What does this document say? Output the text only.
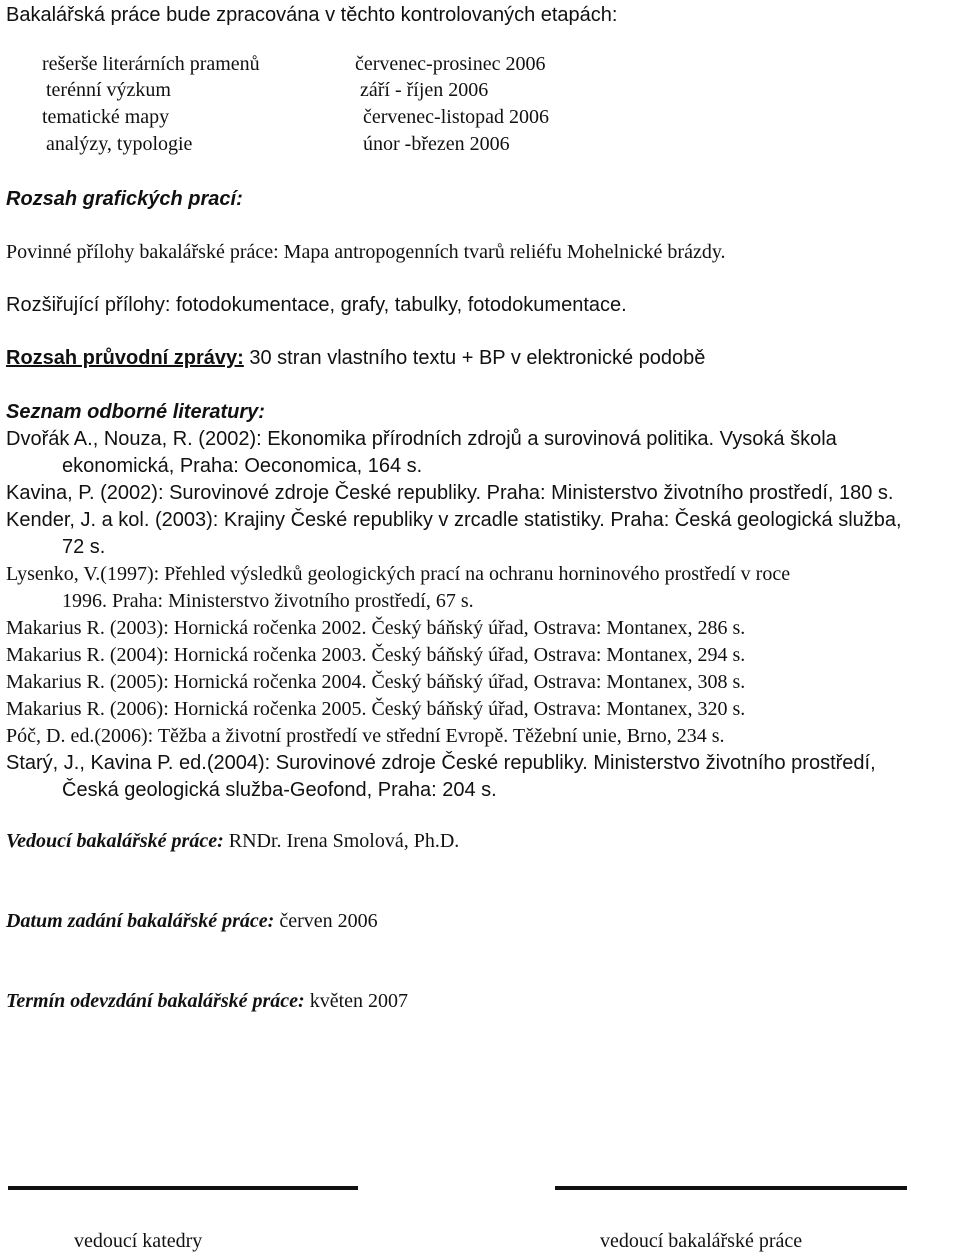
Bakalářská práce bude zpracována v těchto kontrolovaných etapách:
rešerše literárních pramenů	červenec-prosinec 2006
terénní výzkum	září - říjen 2006
tematické mapy	červenec-listopad 2006
analýzy, typologie	únor -březen 2006
Rozsah grafických prací:
Povinné přílohy bakalářské práce: Mapa antropogenních tvarů reliéfu Mohelnické brázdy.
Rozšiřující přílohy: fotodokumentace, grafy, tabulky, fotodokumentace.
Rozsah průvodní zprávy: 30 stran vlastního textu + BP v elektronické podobě
Seznam odborné literatury:
Dvořák A., Nouza, R. (2002): Ekonomika přírodních zdrojů a surovinová politika. Vysoká škola
ekonomická, Praha: Oeconomica, 164 s.
Kavina, P. (2002): Surovinové zdroje České republiky. Praha: Ministerstvo životního prostředí, 180 s.
Kender, J. a kol. (2003): Krajiny České republiky v zrcadle statistiky. Praha: Česká geologická služba,
72 s.
Lysenko, V.(1997): Přehled výsledků geologických prací na ochranu horninového prostředí v roce
1996. Praha: Ministerstvo životního prostředí, 67 s.
Makarius R. (2003): Hornická ročenka 2002. Český báňský úřad, Ostrava: Montanex, 286 s.
Makarius R. (2004): Hornická ročenka 2003. Český báňský úřad, Ostrava: Montanex, 294 s.
Makarius R. (2005): Hornická ročenka 2004. Český báňský úřad, Ostrava: Montanex, 308 s.
Makarius R. (2006): Hornická ročenka 2005. Český báňský úřad, Ostrava: Montanex, 320 s.
Póč, D. ed.(2006): Těžba a životní prostředí ve střední Evropě. Těžební unie, Brno, 234 s.
Starý, J., Kavina P. ed.(2004): Surovinové zdroje České republiky. Ministerstvo životního prostředí,
Česká geologická služba-Geofond, Praha: 204 s.
Vedoucí bakalářské práce: RNDr. Irena Smolová, Ph.D.
Datum zadání bakalářské práce: červen 2006
Termín odevzdání bakalářské práce: květen 2007
vedoucí katedry	vedoucí bakalářské práce
